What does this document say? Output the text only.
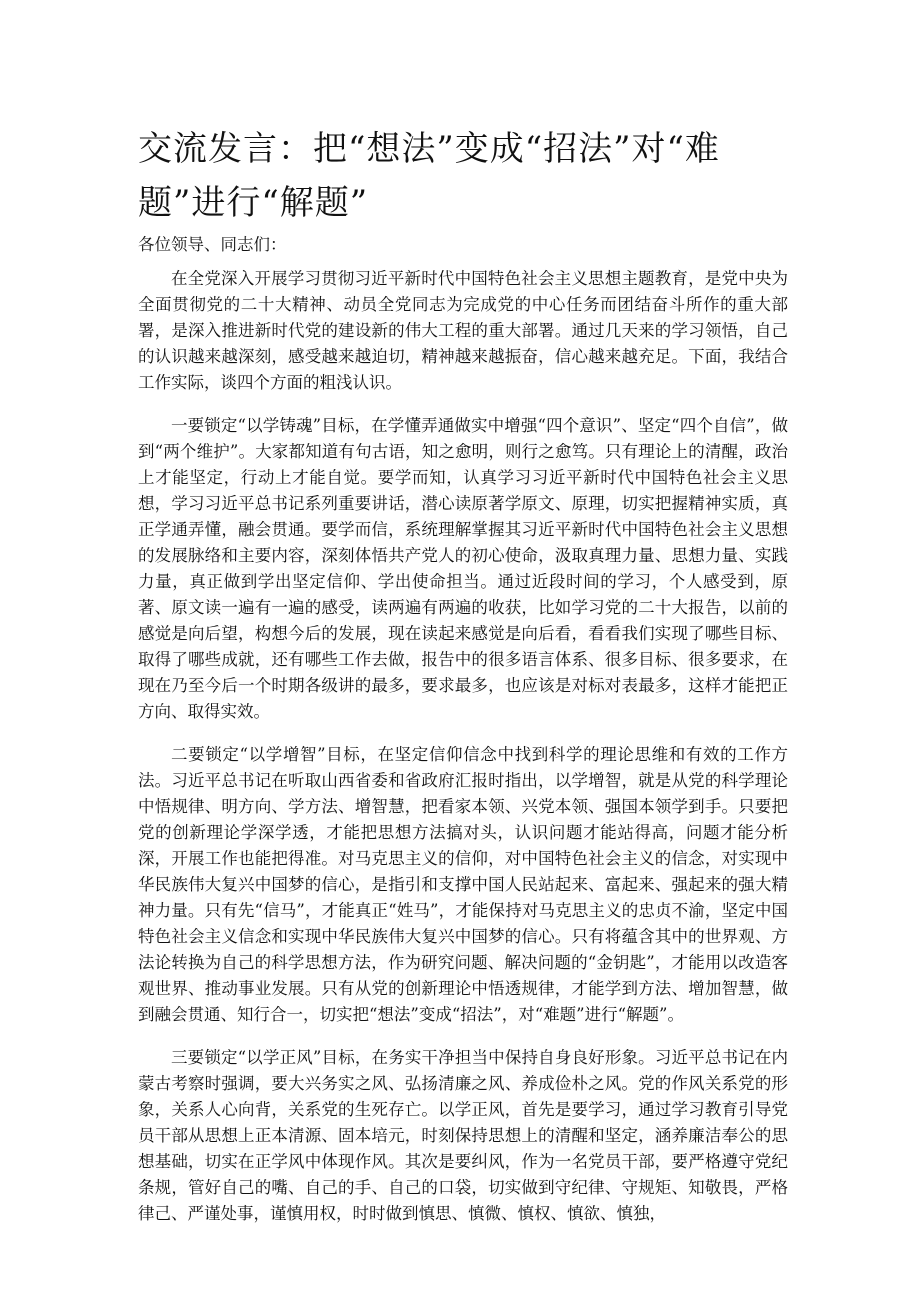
交流发言：把“想法”变成“招法”对“难题”进行“解题”

各位领导、同志们：

在全党深入开展学习贯彻习近平新时代中国特色社会主义思想主题教育，是党中央为全面贯彻党的二十大精神、动员全党同志为完成党的中心任务而团结奋斗所作的重大部署，是深入推进新时代党的建设新的伟大工程的重大部署。通过几天来的学习领悟，自己的认识越来越深刻，感受越来越迫切，精神越来越振奋，信心越来越充足。下面，我结合工作实际，谈四个方面的粗浅认识。

一要锁定“以学铸魂”目标，在学懂弄通做实中增强“四个意识”、坚定“四个自信”，做到“两个维护”。大家都知道有句古语，知之愈明，则行之愈笃。只有理论上的清醒，政治上才能坚定，行动上才能自觉。要学而知，认真学习习近平新时代中国特色社会主义思想，学习习近平总书记系列重要讲话，潜心读原著学原文、原理，切实把握精神实质，真正学通弄懂，融会贯通。要学而信，系统理解掌握其习近平新时代中国特色社会主义思想的发展脉络和主要内容，深刻体悟共产党人的初心使命，汲取真理力量、思想力量、实践力量，真正做到学出坚定信仰、学出使命担当。通过近段时间的学习，个人感受到，原著、原文读一遍有一遍的感受，读两遍有两遍的收获，比如学习党的二十大报告，以前的感觉是向后望，构想今后的发展，现在读起来感觉是向后看，看看我们实现了哪些目标、取得了哪些成就，还有哪些工作去做，报告中的很多语言体系、很多目标、很多要求，在现在乃至今后一个时期各级讲的最多，要求最多，也应该是对标对表最多，这样才能把正方向、取得实效。

二要锁定“以学增智”目标，在坚定信仰信念中找到科学的理论思维和有效的工作方法。习近平总书记在听取山西省委和省政府汇报时指出，以学增智，就是从党的科学理论中悟规律、明方向、学方法、增智慧，把看家本领、兴党本领、强国本领学到手。只要把党的创新理论学深学透，才能把思想方法搞对头，认识问题才能站得高，问题才能分析深，开展工作也能把得准。对马克思主义的信仰，对中国特色社会主义的信念，对实现中华民族伟大复兴中国梦的信心，是指引和支撑中国人民站起来、富起来、强起来的强大精神力量。只有先“信马”，才能真正“姓马”，才能保持对马克思主义的忠贞不渝，坚定中国特色社会主义信念和实现中华民族伟大复兴中国梦的信心。只有将蕴含其中的世界观、方法论转换为自己的科学思想方法，作为研究问题、解决问题的“金钥匙”，才能用以改造客观世界、推动事业发展。只有从党的创新理论中悟透规律，才能学到方法、增加智慧，做到融会贯通、知行合一，切实把“想法”变成“招法”，对“难题”进行“解题”。

三要锁定“以学正风”目标，在务实干净担当中保持自身良好形象。习近平总书记在内蒙古考察时强调，要大兴务实之风、弘扬清廉之风、养成俭朴之风。党的作风关系党的形象，关系人心向背，关系党的生死存亡。以学正风，首先是要学习，通过学习教育引导党员干部从思想上正本清源、固本培元，时刻保持思想上的清醒和坚定，涵养廉洁奉公的思想基础，切实在正学风中体现作风。其次是要纠风，作为一名党员干部，要严格遵守党纪条规，管好自己的嘴、自己的手、自己的口袋，切实做到守纪律、守规矩、知敬畏，严格律己、严谨处事，谨慎用权，时时做到慎思、慎微、慎权、慎欲、慎独，
